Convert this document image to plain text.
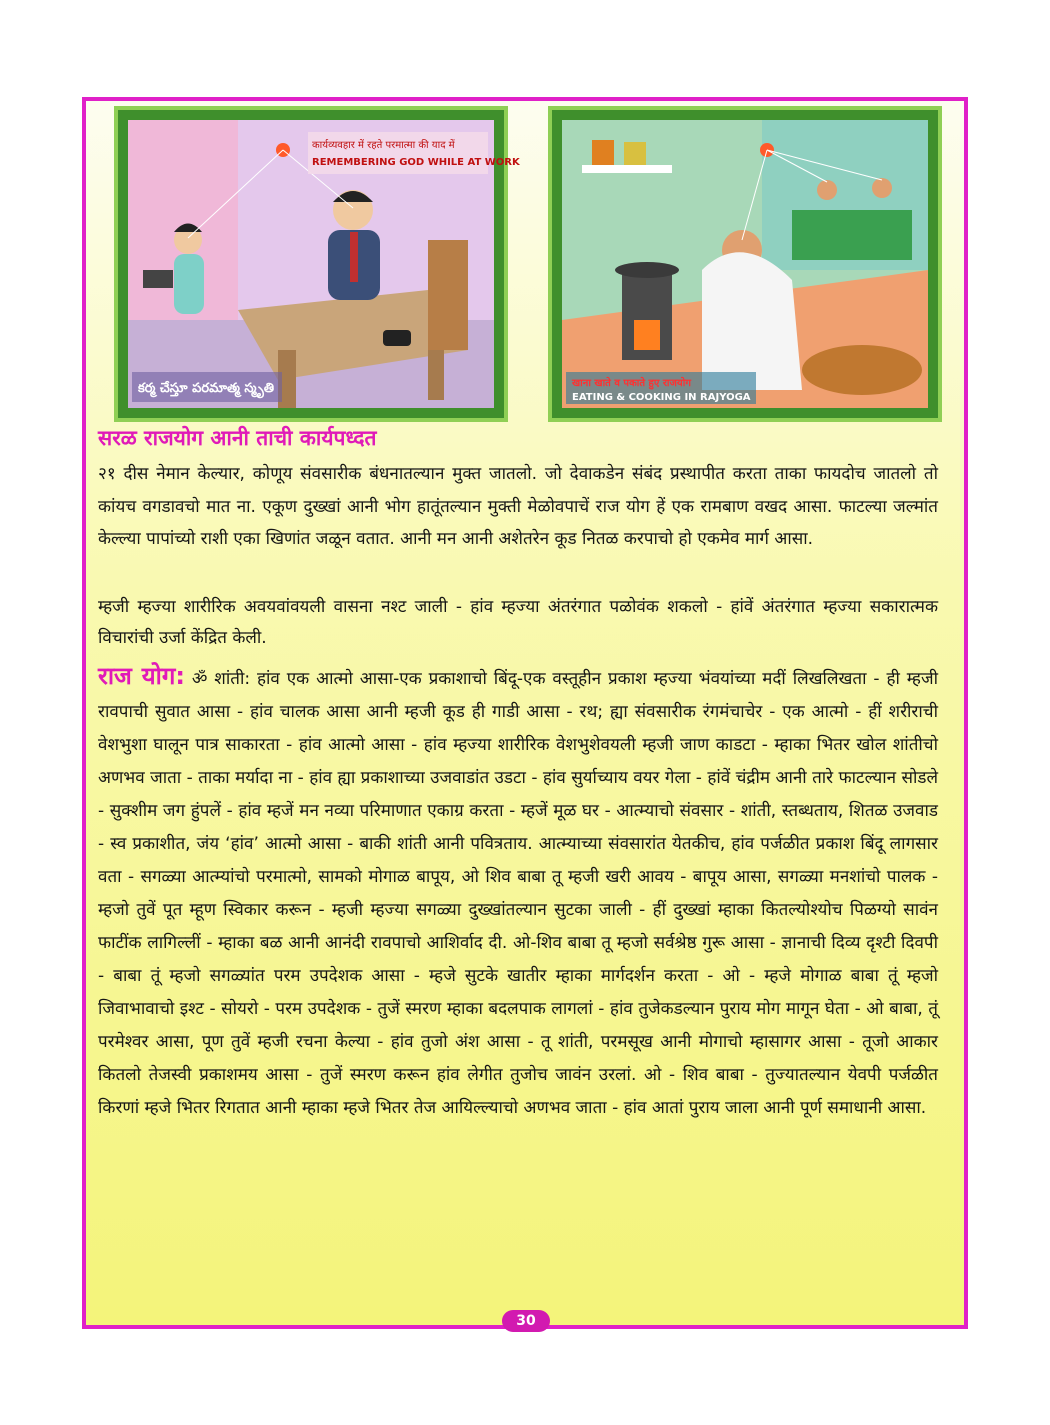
कार्यव्यवहार में रहते परमात्मा की याद में
REMEMBERING GOD WHILE AT WORK
కర్మ చేస్తూ పరమాత్మ స్మృతి	खाना खाते व पकाते हुए राजयोग
EATING & COOKING IN RAJYOGA
सरळ राजयोग आनी ताची कार्यपध्दत
२१ दीस नेमान केल्यार, कोणूय संवसारीक बंधनातल्यान मुक्त जातलो. जो देवाकडेन संबंद प्रस्थापीत करता ताका फायदोच जातलो तो कांयच वगडावचो मात ना. एकूण दुख्खां आनी भोग हातूंतल्यान मुक्ती मेळोवपाचें राज योग हें एक रामबाण वखद आसा. फाटल्या जल्मांत केल्ल्या पापांच्यो राशी एका खिणांत जळून वतात. आनी मन आनी अशेतरेन कूड नितळ करपाचो हो एकमेव मार्ग आसा.
म्हजी म्हज्या शारीरिक अवयवांवयली वासना नश्ट जाली - हांव म्हज्या अंतरंगात पळोवंक शकलो - हांवें अंतरंगात म्हज्या सकारात्मक विचारांची उर्जा केंद्रित केली.
राज योग: ॐ शांती: हांव एक आत्मो आसा-एक प्रकाशाचो बिंदू-एक वस्तूहीन प्रकाश म्हज्या भंवयांच्या मदीं लिखलिखता - ही म्हजी रावपाची सुवात आसा - हांव चालक आसा आनी म्हजी कूड ही गाडी आसा - रथ; ह्या संवसारीक रंगमंचाचेर - एक आत्मो - हीं शरीराची वेशभुशा घालून पात्र साकारता - हांव आत्मो आसा - हांव म्हज्या शारीरिक वेशभुशेवयली म्हजी जाण काडटा - म्हाका भितर खोल शांतीचो अणभव जाता - ताका मर्यादा ना - हांव ह्या प्रकाशाच्या उजवाडांत उडटा - हांव सुर्याच्याय वयर गेला - हांवें चंद्रीम आनी तारे फाटल्यान सोडले - सुक्शीम जग हुंपलें - हांव म्हजें मन नव्या परिमाणात एकाग्र करता - म्हजें मूळ घर - आत्म्याचो संवसार - शांती, स्तब्धताय, शितळ उजवाड - स्व प्रकाशीत, जंय ‘हांव’ आत्मो आसा - बाकी शांती आनी पवित्रताय. आत्म्याच्या संवसारांत येतकीच, हांव पर्जळीत प्रकाश बिंदू लागसार वता - सगळ्या आत्म्यांचो परमात्मो, सामको मोगाळ बापूय, ओ शिव बाबा तू म्हजी खरी आवय - बापूय आसा, सगळ्या मनशांचो पालक - म्हजो तुवें पूत म्हूण स्विकार करून - म्हजी म्हज्या सगळ्या दुख्खांतल्यान सुटका जाली - हीं दुख्खां म्हाका कितल्योश्योच पिळग्यो सावंन फाटींक लागिल्लीं - म्हाका बळ आनी आनंदी रावपाचो आशिर्वाद दी. ओ-शिव बाबा तू म्हजो सर्वश्रेष्ठ गुरू आसा - ज्ञानाची दिव्य दृश्टी दिवपी - बाबा तूं म्हजो सगळ्यांत परम उपदेशक आसा - म्हजे सुटके खातीर म्हाका मार्गदर्शन करता - ओ - म्हजे मोगाळ बाबा तूं म्हजो जिवाभावाचो इश्ट - सोयरो - परम उपदेशक - तुजें स्मरण म्हाका बदलपाक लागलां - हांव तुजेकडल्यान पुराय मोग मागून घेता - ओ बाबा, तूं परमेश्वर आसा, पूण तुवें म्हजी रचना केल्या - हांव तुजो अंश आसा - तू शांती, परमसूख आनी मोगाचो म्हासागर आसा - तूजो आकार कितलो तेजस्वी प्रकाशमय आसा - तुजें स्मरण करून हांव लेगीत तुजोच जावंन उरलां. ओ - शिव बाबा - तुज्यातल्यान येवपी पर्जळीत किरणां म्हजे भितर रिगतात आनी म्हाका म्हजे भितर तेज आयिल्ल्याचो अणभव जाता - हांव आतां पुराय जाला आनी पूर्ण समाधानी आसा.
30
